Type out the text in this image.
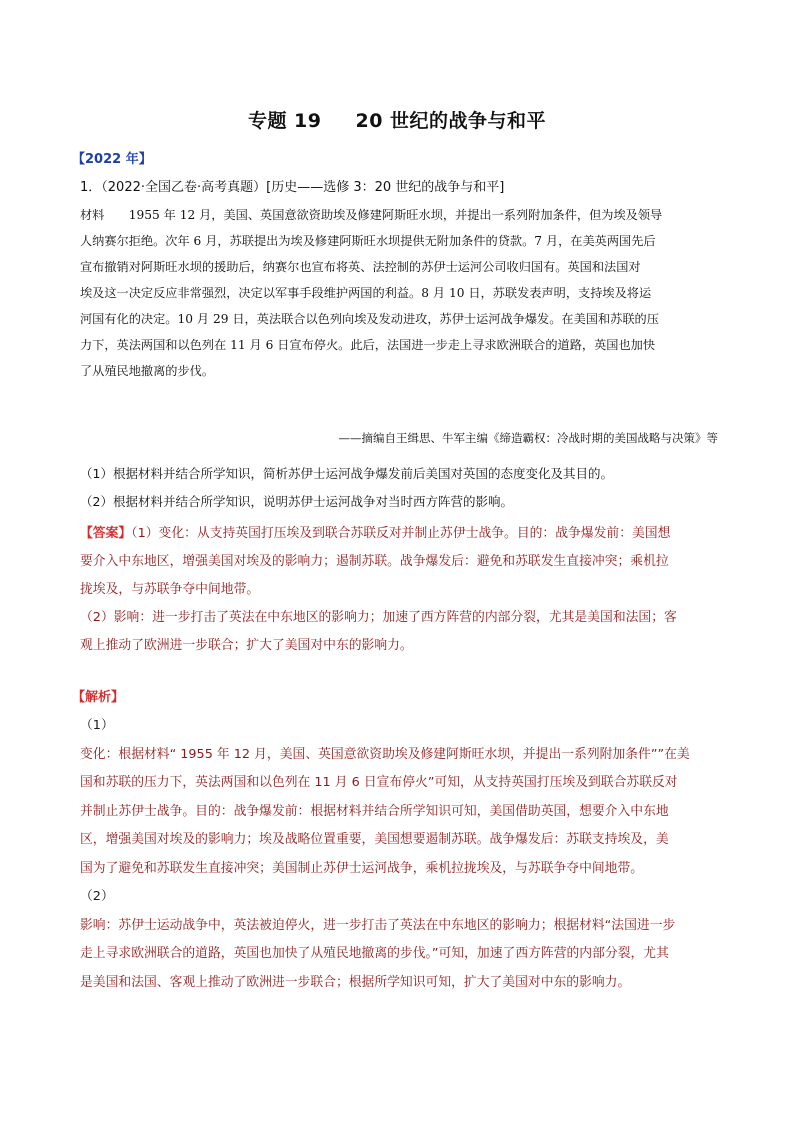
专题 19 20 世纪的战争与和平
【2022 年】
1．（2022·全国乙卷·高考真题）[历史——选修 3：20 世纪的战争与和平]
材料　　1955 年 12 月，美国、英国意欲资助埃及修建阿斯旺水坝，并提出一系列附加条件，但为埃及领导
人纳赛尔拒绝。次年 6 月，苏联提出为埃及修建阿斯旺水坝提供无附加条件的贷款。7 月，在美英两国先后
宣布撤销对阿斯旺水坝的援助后，纳赛尔也宣布将英、法控制的苏伊士运河公司收归国有。英国和法国对
埃及这一决定反应非常强烈，决定以军事手段维护两国的利益。8 月 10 日，苏联发表声明，支持埃及将运
河国有化的决定。10 月 29 日，英法联合以色列向埃及发动进攻，苏伊士运河战争爆发。在美国和苏联的压
力下，英法两国和以色列在 11 月 6 日宣布停火。此后，法国进一步走上寻求欧洲联合的道路，英国也加快
了从殖民地撤离的步伐。
——摘编自王缉思、牛军主编《缔造霸权：冷战时期的美国战略与决策》等
（1）根据材料并结合所学知识，简析苏伊士运河战争爆发前后美国对英国的态度变化及其目的。
（2）根据材料并结合所学知识，说明苏伊士运河战争对当时西方阵营的影响。

【答案】（1）变化：从支持英国打压埃及到联合苏联反对并制止苏伊士战争。目的：战争爆发前：美国想

要介入中东地区，增强美国对埃及的影响力；遏制苏联。战争爆发后：避免和苏联发生直接冲突；乘机拉

拢埃及，与苏联争夺中间地带。

（2）影响：进一步打击了英法在中东地区的影响力；加速了西方阵营的内部分裂，尤其是美国和法国；客

观上推动了欧洲进一步联合；扩大了美国对中东的影响力。

【解析】

（1）

变化：根据材料“ 1955 年 12 月，美国、英国意欲资助埃及修建阿斯旺水坝，并提出一系列附加条件””在美

国和苏联的压力下，英法两国和以色列在 11 月 6 日宣布停火”可知，从支持英国打压埃及到联合苏联反对

并制止苏伊士战争。目的：战争爆发前：根据材料并结合所学知识可知，美国借助英国，想要介入中东地

区，增强美国对埃及的影响力；埃及战略位置重要，美国想要遏制苏联。战争爆发后：苏联支持埃及，美

国为了避免和苏联发生直接冲突；美国制止苏伊士运河战争，乘机拉拢埃及，与苏联争夺中间地带。

（2）

影响：苏伊士运动战争中，英法被迫停火，进一步打击了英法在中东地区的影响力；根据材料“法国进一步

走上寻求欧洲联合的道路，英国也加快了从殖民地撤离的步伐。”可知，加速了西方阵营的内部分裂，尤其

是美国和法国、客观上推动了欧洲进一步联合；根据所学知识可知，扩大了美国对中东的影响力。
